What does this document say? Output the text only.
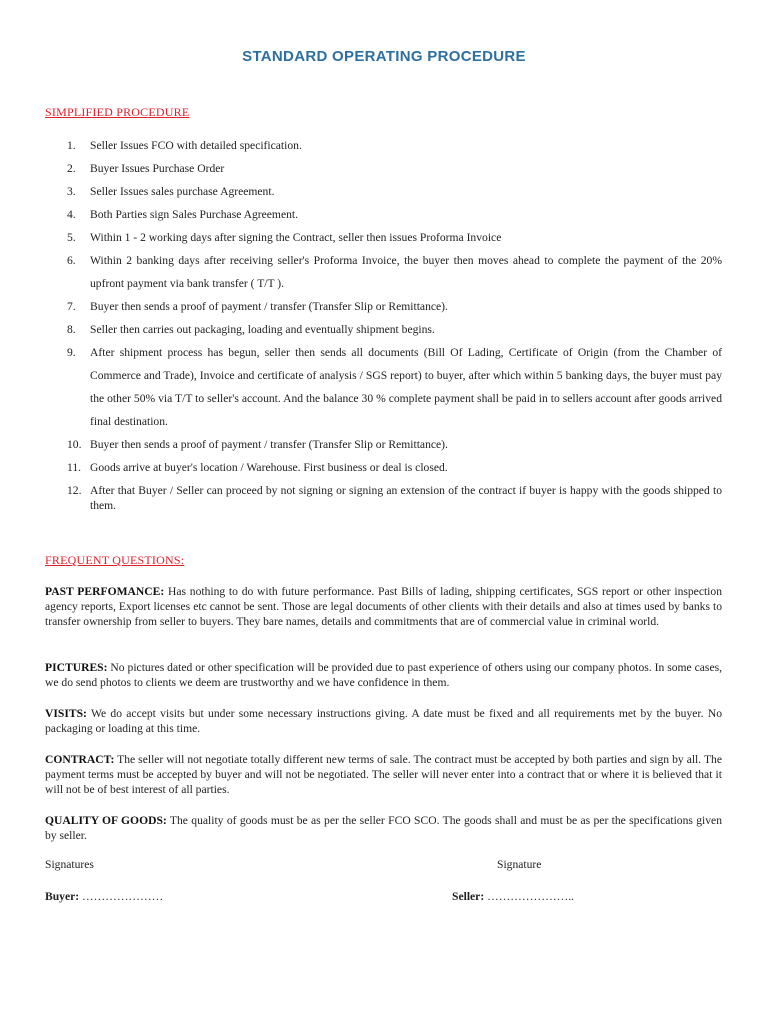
STANDARD OPERATING PROCEDURE
SIMPLIFIED PROCEDURE
1.	Seller Issues FCO with detailed specification.
2.	Buyer Issues Purchase Order
3.	Seller Issues sales purchase Agreement.
4.	Both Parties sign Sales Purchase Agreement.
5.	Within 1 - 2 working days after signing the Contract, seller then issues Proforma Invoice
6.	Within 2 banking days after receiving seller's Proforma Invoice, the buyer then moves ahead to complete the payment of the 20% upfront payment via bank transfer ( T/T ).
7.	Buyer then sends a proof of payment / transfer (Transfer Slip or Remittance).
8.	Seller then carries out packaging, loading and eventually shipment begins.
9.	After shipment process has begun, seller then sends all documents (Bill Of Lading, Certificate of Origin (from the Chamber of Commerce and Trade), Invoice and certificate of analysis / SGS report) to buyer, after which within 5 banking days, the buyer must pay the other 50% via T/T to seller's account. And the balance 30 % complete payment shall be paid in to sellers account after goods arrived final destination.
10. Buyer then sends a proof of payment / transfer (Transfer Slip or Remittance).
11. Goods arrive at buyer's location / Warehouse. First business or deal is closed.
12. After that Buyer / Seller can proceed by not signing or signing an extension of the contract if buyer is happy with the goods shipped to them.
FREQUENT QUESTIONS:

PAST PERFOMANCE: Has nothing to do with future performance. Past Bills of lading, shipping certificates, SGS report or other inspection agency reports, Export licenses etc cannot be sent. Those are legal documents of other clients with their details and also at times used by banks to transfer ownership from seller to buyers. They bare names, details and commitments that are of commercial value in criminal world.

PICTURES: No pictures dated or other specification will be provided due to past experience of others using our company photos. In some cases, we do send photos to clients we deem are trustworthy and we have confidence in them.

VISITS: We do accept visits but under some necessary instructions giving. A date must be fixed and all requirements met by the buyer. No packaging or loading at this time.

CONTRACT: The seller will not negotiate totally different new terms of sale. The contract must be accepted by both parties and sign by all. The payment terms must be accepted by buyer and will not be negotiated. The seller will never enter into a contract that or where it is believed that it will not be of best interest of all parties.

QUALITY OF GOODS: The quality of goods must be as per the seller FCO SCO. The goods shall and must be as per the specifications given by seller.

Signatures	Signature
Buyer: …………………	Seller: …………………..
